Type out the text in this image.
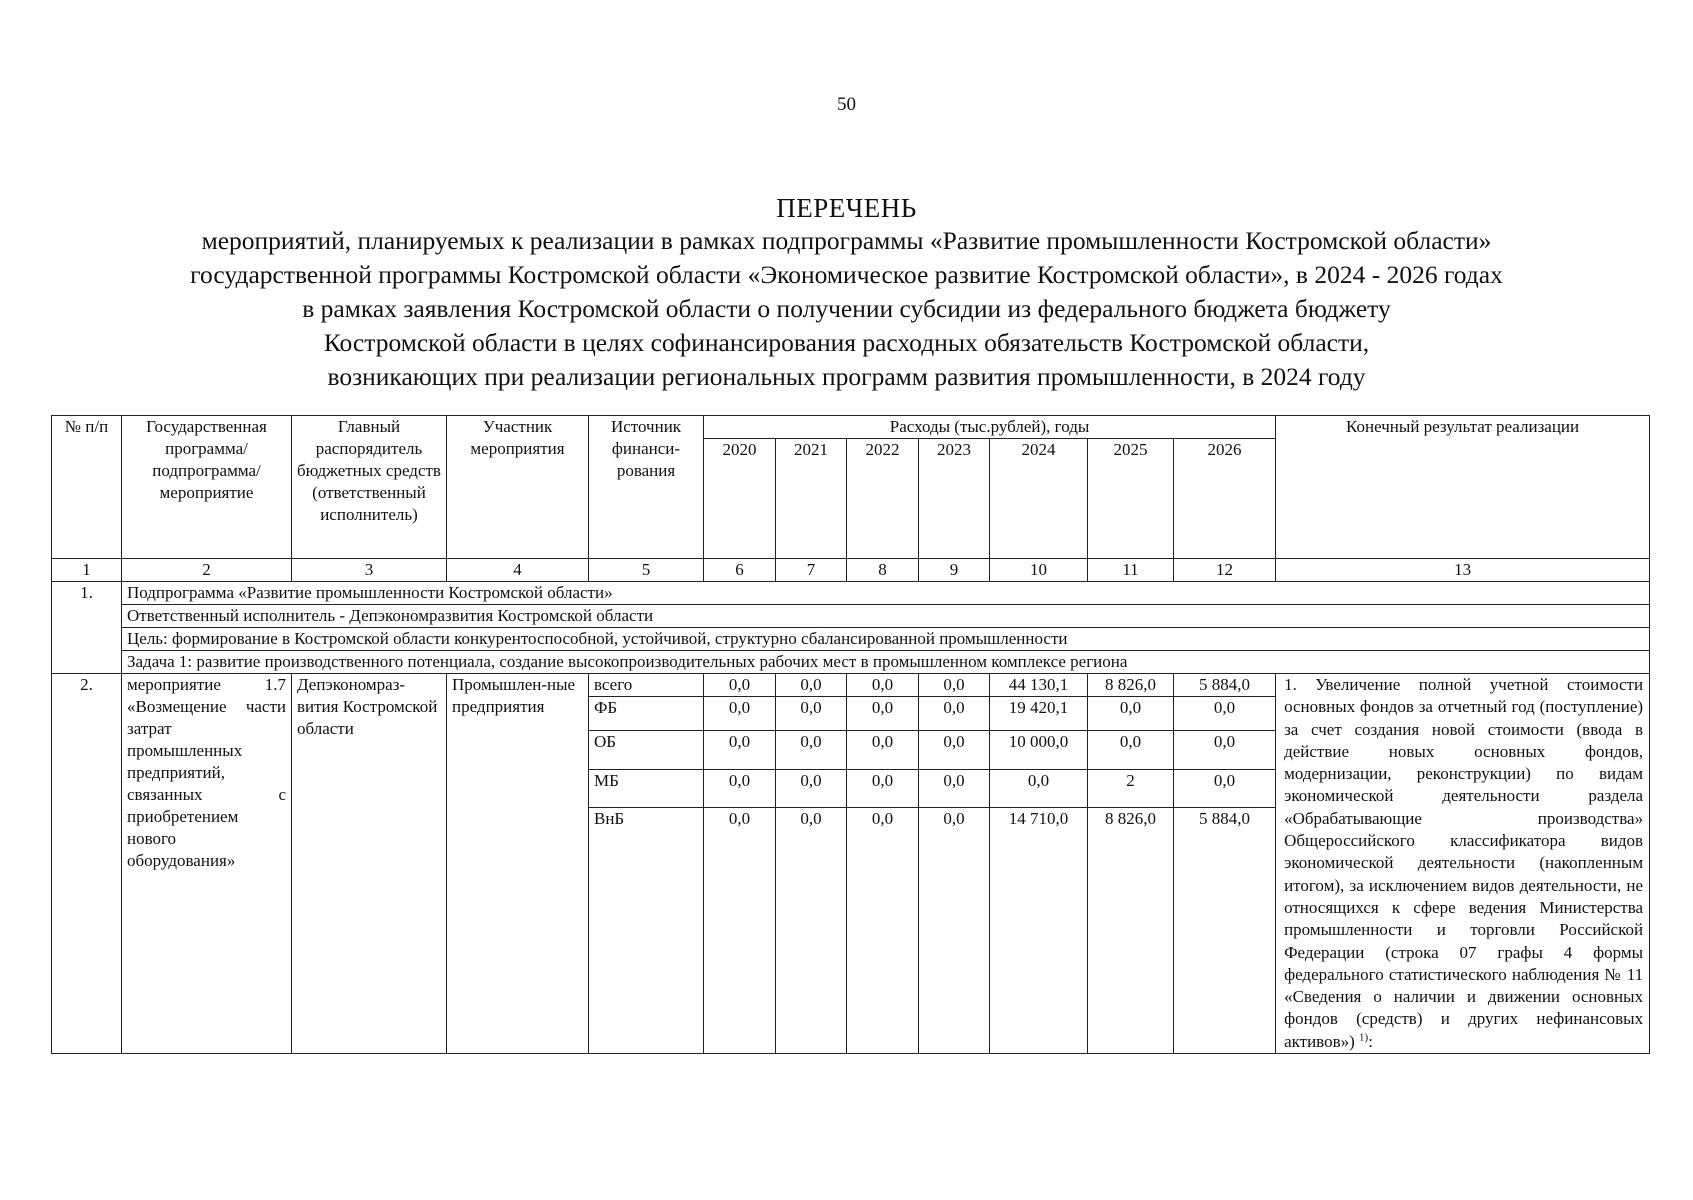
50
ПЕРЕЧЕНЬ
мероприятий, планируемых к реализации в рамках подпрограммы «Развитие промышленности Костромской области»
государственной программы Костромской области «Экономическое развитие Костромской области», в 2024 - 2026 годах
в рамках заявления Костромской области о получении субсидии из федерального бюджета бюджету
Костромской области в целях софинансирования расходных обязательств Костромской области,
возникающих при реализации региональных программ развития промышленности, в 2024 году
№ п/п	Государственная программа/ подпрограмма/ мероприятие	Главный распорядитель бюджетных средств (ответственный исполнитель)	Участник мероприятия	Источник финанси-рования	Расходы (тыс.рублей), годы							Конечный результат реализации
					2020	2021	2022	2023	2024	2025	2026	
1	2	3	4	5	6	7	8	9	10	11	12	13
1.	Подпрограмма «Развитие промышленности Костромской области»											
	Ответственный исполнитель - Депэкономразвития Костромской области											
	Цель: формирование в Костромской области конкурентоспособной, устойчивой, структурно сбалансированной промышленности											
	Задача 1: развитие производственного потенциала, создание высокопроизводительных рабочих мест в промышленном комплексе региона											
2.	мероприятие 1.7 «Возмещение части затрат промышленных предприятий, связанных с приобретением нового оборудования»	Депэкономраз-вития Костромской области	Промышлен-ные предприятия	всего	0,0	0,0	0,0	0,0	44 130,1	8 826,0	5 884,0	1. Увеличение полной учетной стоимости основных фондов за отчетный год (поступление) за счет создания новой стоимости (ввода в действие новых основных фондов, модернизации, реконструкции) по видам экономической деятельности раздела «Обрабатывающие производства» Общероссийского классификатора видов экономической деятельности (накопленным итогом), за исключением видов деятельности, не относящихся к сфере ведения Министерства промышленности и торговли Российской Федерации (строка 07 графы 4 формы федерального статистического наблюдения № 11 «Сведения о наличии и движении основных фондов (средств) и других нефинансовых активов») $^{1)}$:
				ФБ	0,0	0,0	0,0	0,0	19 420,1	0,0	0,0	
				ОБ	0,0	0,0	0,0	0,0	10 000,0	0,0	0,0	
				МБ	0,0	0,0	0,0	0,0	0,0	2	0,0	
				ВнБ	0,0	0,0	0,0	0,0	14 710,0	8 826,0	5 884,0	
